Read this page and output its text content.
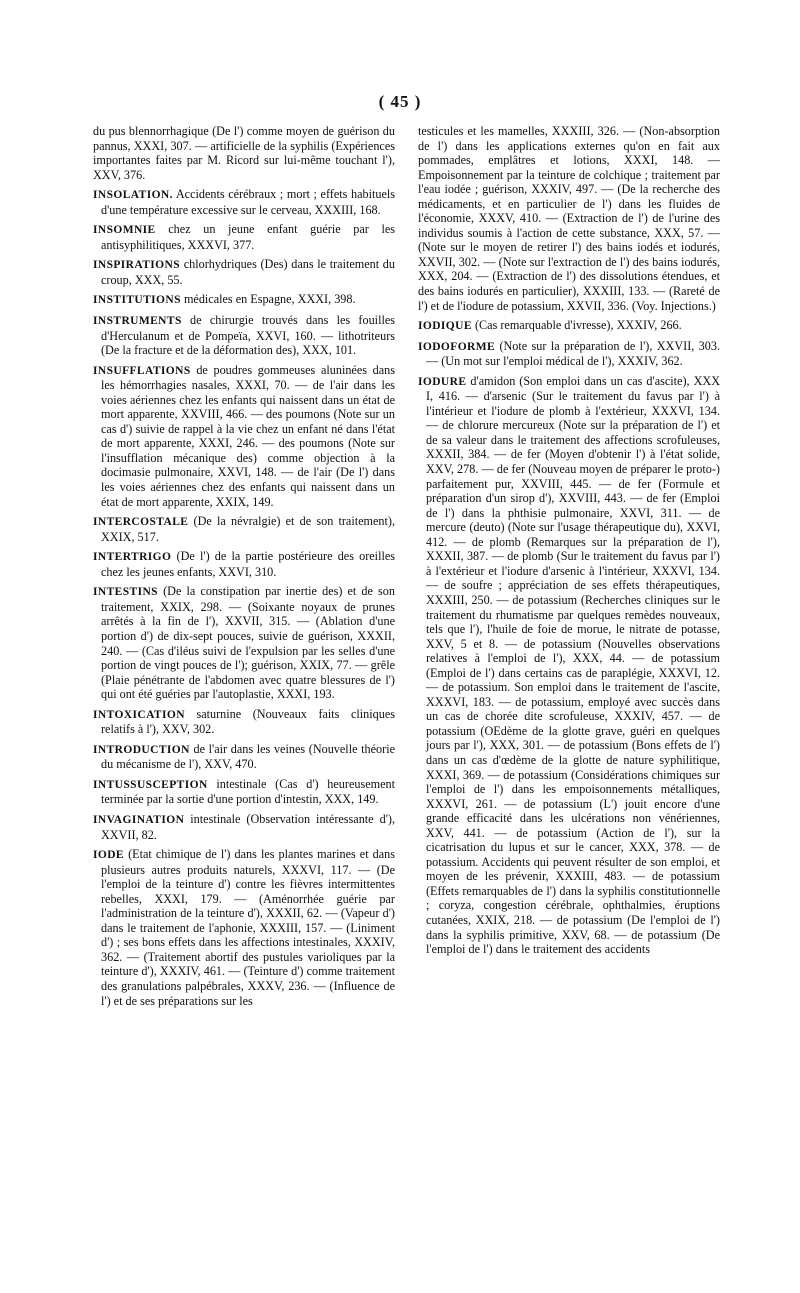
( 45 )

du pus blennorrhagique (De l') comme moyen de guérison du pannus, XXXI, 307. — artificielle de la syphilis (Expériences importantes faites par M. Ricord sur lui-même touchant l'), XXV, 376.

INSOLATION. Accidents cérébraux ; mort ; effets habituels d'une température excessive sur le cerveau, XXXIII, 168.

INSOMNIE chez un jeune enfant guérie par les antisyphilitiques, XXXVI, 377.

INSPIRATIONS chlorhydriques (Des) dans le traitement du croup, XXX, 55.

INSTITUTIONS médicales en Espagne, XXXI, 398.

INSTRUMENTS de chirurgie trouvés dans les fouilles d'Herculanum et de Pompeïa, XXVI, 160. — lithotriteurs (De la fracture et de la déformation des), XXX, 101.

INSUFFLATIONS de poudres gommeuses aluninées dans les hémorrhagies nasales, XXXI, 70. — de l'air dans les voies aériennes chez les enfants qui naissent dans un état de mort apparente, XXVIII, 466. — des poumons (Note sur un cas d') suivie de rappel à la vie chez un enfant né dans l'état de mort apparente, XXXI, 246. — des poumons (Note sur l'insufflation mécanique des) comme objection à la docimasie pulmonaire, XXVI, 148. — de l'air (De l') dans les voies aériennes chez des enfants qui naissent dans un état de mort apparente, XXIX, 149.

INTERCOSTALE (De la névralgie) et de son traitement), XXIX, 517.

INTERTRIGO (De l') de la partie postérieure des oreilles chez les jeunes enfants, XXVI, 310.

INTESTINS (De la constipation par inertie des) et de son traitement, XXIX, 298. — (Soixante noyaux de prunes arrêtés à la fin de l'), XXVII, 315. — (Ablation d'une portion d') de dix-sept pouces, suivie de guérison, XXXII, 240. — (Cas d'iléus suivi de l'expulsion par les selles d'une portion de vingt pouces de l'); guérison, XXIX, 77. — grêle (Plaie pénétrante de l'abdomen avec quatre blessures de l') qui ont été guéries par l'autoplastie, XXXI, 193.

INTOXICATION saturnine (Nouveaux faits cliniques relatifs à l'), XXV, 302.

INTRODUCTION de l'air dans les veines (Nouvelle théorie du mécanisme de l'), XXV, 470.

INTUSSUSCEPTION intestinale (Cas d') heureusement terminée par la sortie d'une portion d'intestin, XXX, 149.

INVAGINATION intestinale (Observation intéressante d'), XXVII, 82.

IODE (Etat chimique de l') dans les plantes marines et dans plusieurs autres produits naturels, XXXVI, 117. — (De l'emploi de la teinture d') contre les fièvres intermittentes rebelles, XXXI, 179. — (Aménorrhée guérie par l'administration de la teinture d'), XXXII, 62. — (Vapeur d') dans le traitement de l'aphonie, XXXIII, 157. — (Liniment d') ; ses bons effets dans les affections intestinales, XXXIV, 362. — (Traitement abortif des pustules varioliques par la teinture d'), XXXIV, 461. — (Teinture d') comme traitement des granulations palpébrales, XXXV, 236. — (Influence de l') et de ses préparations sur les

testicules et les mamelles, XXXIII, 326. — (Non-absorption de l') dans les applications externes qu'on en fait aux pommades, emplâtres et lotions, XXXI, 148. — Empoisonnement par la teinture de colchique ; traitement par l'eau iodée ; guérison, XXXIV, 497. — (De la recherche des médicaments, et en particulier de l') dans les fluides de l'économie, XXXV, 410. — (Extraction de l') de l'urine des individus soumis à l'action de cette substance, XXX, 57. — (Note sur le moyen de retirer l') des bains iodés et iodurés, XXVII, 302. — (Note sur l'extraction de l') des bains iodurés, XXX, 204. — (Extraction de l') des dissolutions étendues, et des bains iodurés en particulier), XXXIII, 133. — (Rareté de l') et de l'iodure de potassium, XXVII, 336. (Voy. Injections.)

IODIQUE (Cas remarquable d'ivresse), XXXIV, 266.

IODOFORME (Note sur la préparation de l'), XXVII, 303. — (Un mot sur l'emploi médical de l'), XXXIV, 362.

IODURE d'amidon (Son emploi dans un cas d'ascite), XXX I, 416. — d'arsenic (Sur le traitement du favus par l') à l'intérieur et l'iodure de plomb à l'extérieur, XXXVI, 134. — de chlorure mercureux (Note sur la préparation de l') et de sa valeur dans le traitement des affections scrofuleuses, XXXII, 384. — de fer (Moyen d'obtenir l') à l'état solide, XXV, 278. — de fer (Nouveau moyen de préparer le proto-) parfaitement pur, XXVIII, 445. — de fer (Formule et préparation d'un sirop d'), XXVIII, 443. — de fer (Emploi de l') dans la phthisie pulmonaire, XXVI, 311. — de mercure (deuto) (Note sur l'usage thérapeutique du), XXVI, 412. — de plomb (Remarques sur la préparation de l'), XXXII, 387. — de plomb (Sur le traitement du favus par l') à l'extérieur et l'iodure d'arsenic à l'intérieur, XXXVI, 134. — de soufre ; appréciation de ses effets thérapeutiques, XXXIII, 250. — de potassium (Recherches cliniques sur le traitement du rhumatisme par quelques remèdes nouveaux, tels que l'), l'huile de foie de morue, le nitrate de potasse, XXV, 5 et 8. — de potassium (Nouvelles observations relatives à l'emploi de l'), XXX, 44. — de potassium (Emploi de l') dans certains cas de paraplégie, XXXVI, 12. — de potassium. Son emploi dans le traitement de l'ascite, XXXVI, 183. — de potassium, employé avec succès dans un cas de chorée dite scrofuleuse, XXXIV, 457. — de potassium (OEdème de la glotte grave, guéri en quelques jours par l'), XXX, 301. — de potassium (Bons effets de l') dans un cas d'œdème de la glotte de nature syphilitique, XXXI, 369. — de potassium (Considérations chimiques sur l'emploi de l') dans les empoisonnements métalliques, XXXVI, 261. — de potassium (L') jouit encore d'une grande efficacité dans les ulcérations non vénériennes, XXV, 441. — de potassium (Action de l'), sur la cicatrisation du lupus et sur le cancer, XXX, 378. — de potassium. Accidents qui peuvent résulter de son emploi, et moyen de les prévenir, XXXIII, 483. — de potassium (Effets remarquables de l') dans la syphilis constitutionnelle ; coryza, congestion cérébrale, ophthalmies, éruptions cutanées, XXIX, 218. — de potassium (De l'emploi de l') dans la syphilis primitive, XXV, 68. — de potassium (De l'emploi de l') dans le traitement des accidents
